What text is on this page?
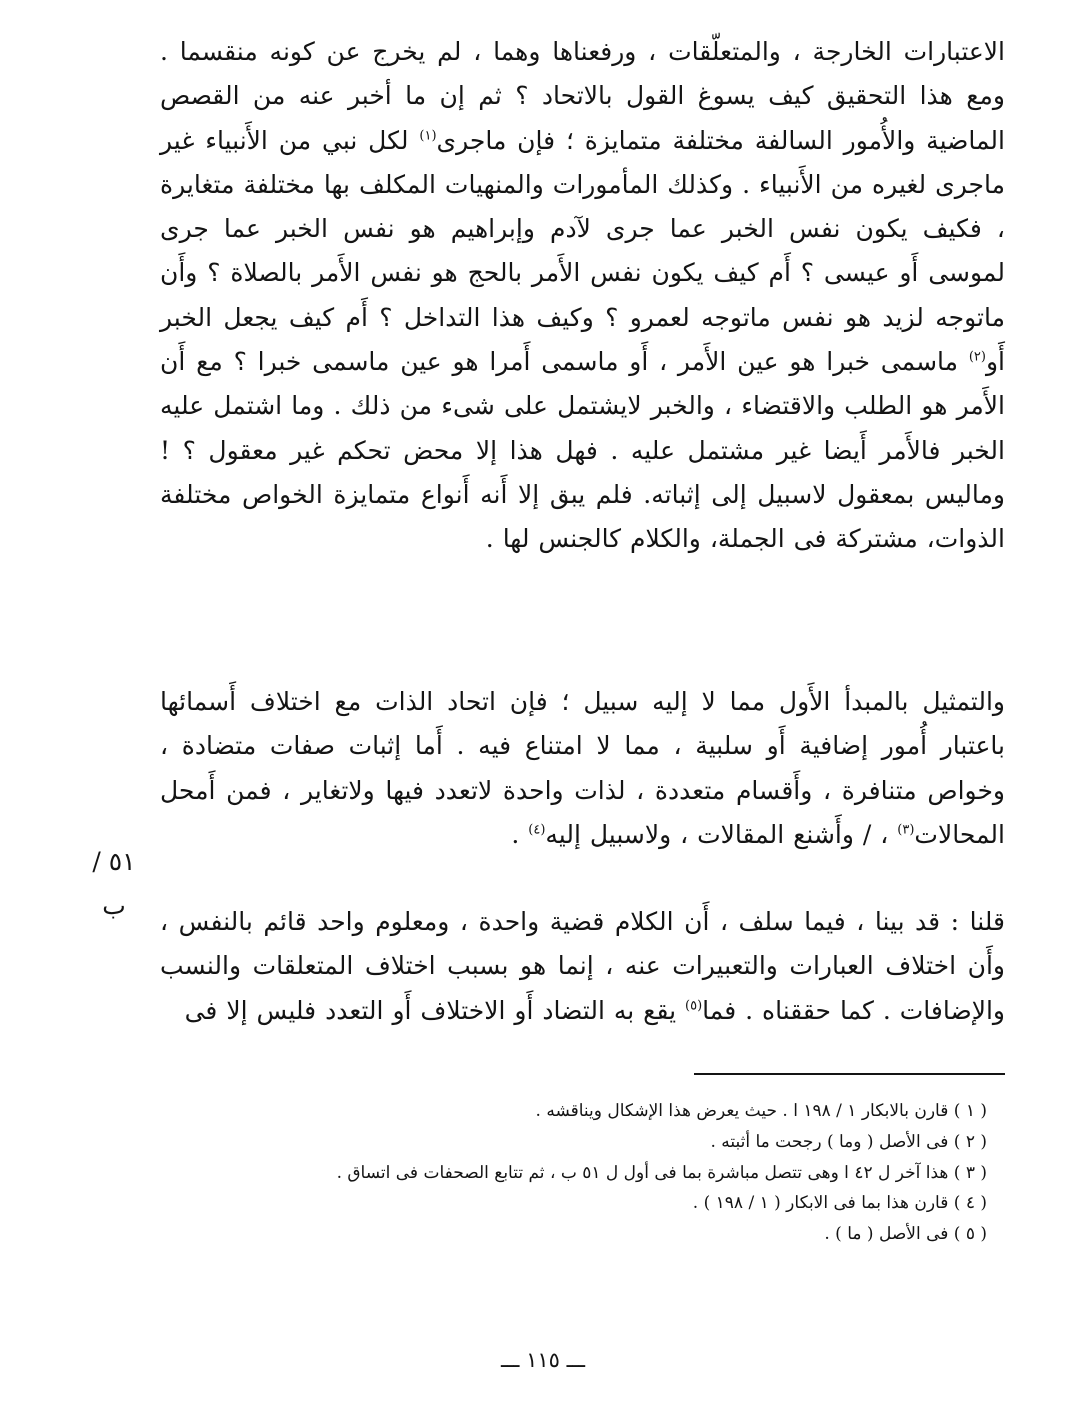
الاعتبارات الخارجة ، والمتعلّقات ، ورفعناها وهما ، لم يخرج عن كونه منقسما . ومع هذا التحقيق كيف يسوغ القول بالاتحاد ؟ ثم إن ما أخبر عنه من القصص الماضية والأُمور السالفة مختلفة متمايزة ؛ فإن ماجرى$^{(١)}$ لكل نبي من الأَنبياء غير ماجرى لغيره من الأَنبياء . وكذلك المأمورات والمنهيات المكلف بها مختلفة متغايرة ، فكيف يكون نفس الخبر عما جرى لآدم وإبراهيم هو نفس الخبر عما جرى لموسى أَو عيسى ؟ أَم كيف يكون نفس الأَمر بالحج هو نفس الأَمر بالصلاة ؟ وأَن ماتوجه لزيد هو نفس ماتوجه لعمرو ؟ وكيف هذا التداخل ؟ أَم كيف يجعل الخبر أَو$^{(٢)}$ ماسمى خبرا هو عين الأَمر ، أَو ماسمى أَمرا هو عين ماسمى خبرا ؟ مع أَن الأَمر هو الطلب والاقتضاء ، والخبر لايشتمل على شىء من ذلك . وما اشتمل عليه الخبر فالأَمر أَيضا غير مشتمل عليه . فهل هذا إلا محض تحكم غير معقول ؟ ! وماليس بمعقول لاسبيل إلى إثباته. فلم يبق إلا أَنه أَنواع متمايزة الخواص مختلفة الذوات، مشتركة فى الجملة، والكلام كالجنس لها .
والتمثيل بالمبدأ الأَول مما لا إليه سبيل ؛ فإن اتحاد الذات مع اختلاف أَسمائها باعتبار أُمور إضافية أَو سلبية ، مما لا امتناع فيه . أَما إثبات صفات متضادة ، وخواص متنافرة ، وأَقسام متعددة ، لذات واحدة لاتعدد فيها ولاتغاير ، فمن أَمحل المحالات$^{(٣)}$ ، / وأَشنع المقالات ، ولاسبيل إليه$^{(٤)}$ .
٥١ / ب
قلنا : قد بينا ، فيما سلف ، أَن الكلام قضية واحدة ، ومعلوم واحد قائم بالنفس ، وأَن اختلاف العبارات والتعبيرات عنه ، إنما هو بسبب اختلاف المتعلقات والنسب والإضافات . كما حققناه . فما$^{(٥)}$ يقع به التضاد أَو الاختلاف أَو التعدد فليس إلا فى
( ١ ) قارن بالابكار ١ / ١٩٨ ا . حيث يعرض هذا الإشكال ويناقشه .
( ٢ ) فى الأصل ( وما ) رجحت ما أثبته .
( ٣ ) هذا آخر ل ٤٢ ا وهى تتصل مباشرة بما فى أول ل ٥١ ب ، ثم تتابع الصحفات فى اتساق .
( ٤ ) قارن هذا بما فى الابكار ( ١ / ١٩٨ ) .
( ٥ ) فى الأصل ( ما ) .
ـــ ١١٥ ـــ
